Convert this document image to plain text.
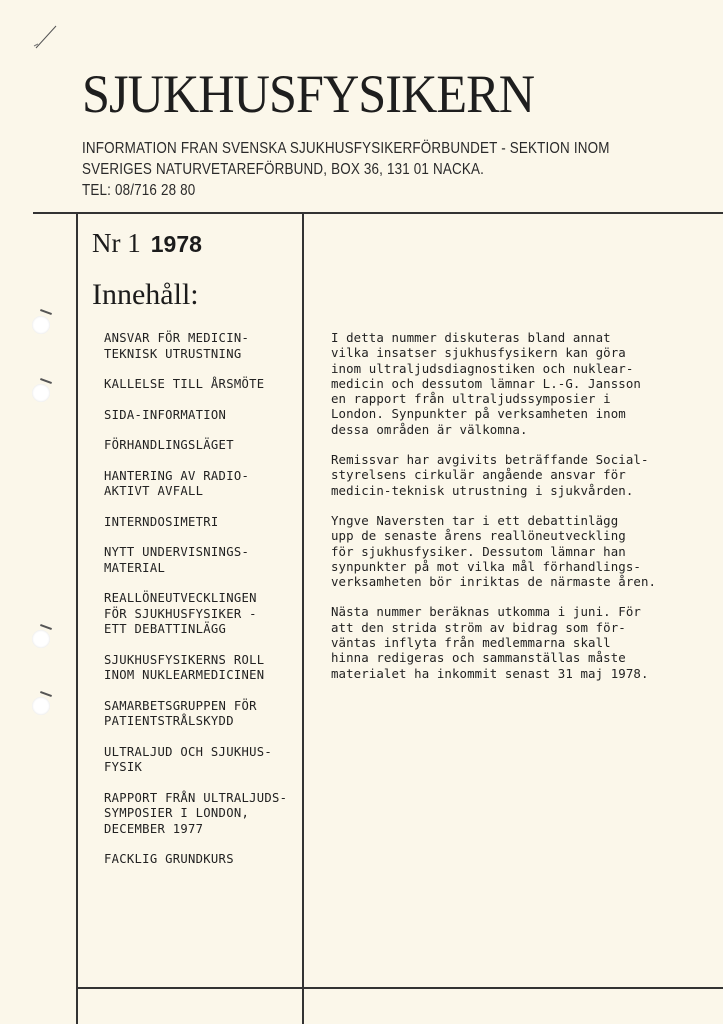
SJUKHUSFYSIKERN
INFORMATION FRAN SVENSKA SJUKHUSFYSIKERFÖRBUNDET - SEKTION INOM
SVERIGES NATURVETAREFÖRBUND, BOX 36, 131 01 NACKA.
TEL: 08/716 28 80
Nr 1 1978
Innehåll:
ANSVAR FÖR MEDICIN-
TEKNISK UTRUSTNING
KALLELSE TILL ÅRSMÖTE
SIDA-INFORMATION
FÖRHANDLINGSLÄGET
HANTERING AV RADIO-
AKTIVT AVFALL
INTERNDOSIMETRI
NYTT UNDERVISNINGS-
MATERIAL
REALLÖNEUTVECKLINGEN
FÖR SJUKHUSFYSIKER -
ETT DEBATTINLÄGG
SJUKHUSFYSIKERNS ROLL
INOM NUKLEARMEDICINEN
SAMARBETSGRUPPEN FÖR
PATIENTSTRÅLSKYDD
ULTRALJUD OCH SJUKHUS-
FYSIK
RAPPORT FRÅN ULTRALJUDS-
SYMPOSIER I LONDON,
DECEMBER 1977
FACKLIG GRUNDKURS

I detta nummer diskuteras bland annat
vilka insatser sjukhusfysikern kan göra
inom ultraljudsdiagnostiken och nuklear-
medicin och dessutom lämnar L.-G. Jansson
en rapport från ultraljudssymposier i
London. Synpunkter på verksamheten inom
dessa områden är välkomna.

Remissvar har avgivits beträffande Social-
styrelsens cirkulär angående ansvar för
medicin-teknisk utrustning i sjukvården.

Yngve Naversten tar i ett debattinlägg
upp de senaste årens reallöneutveckling
för sjukhusfysiker. Dessutom lämnar han
synpunkter på mot vilka mål förhandlings-
verksamheten bör inriktas de närmaste åren.

Nästa nummer beräknas utkomma i juni. För
att den strida ström av bidrag som för-
väntas inflyta från medlemmarna skall
hinna redigeras och sammanställas måste
materialet ha inkommit senast 31 maj 1978.
